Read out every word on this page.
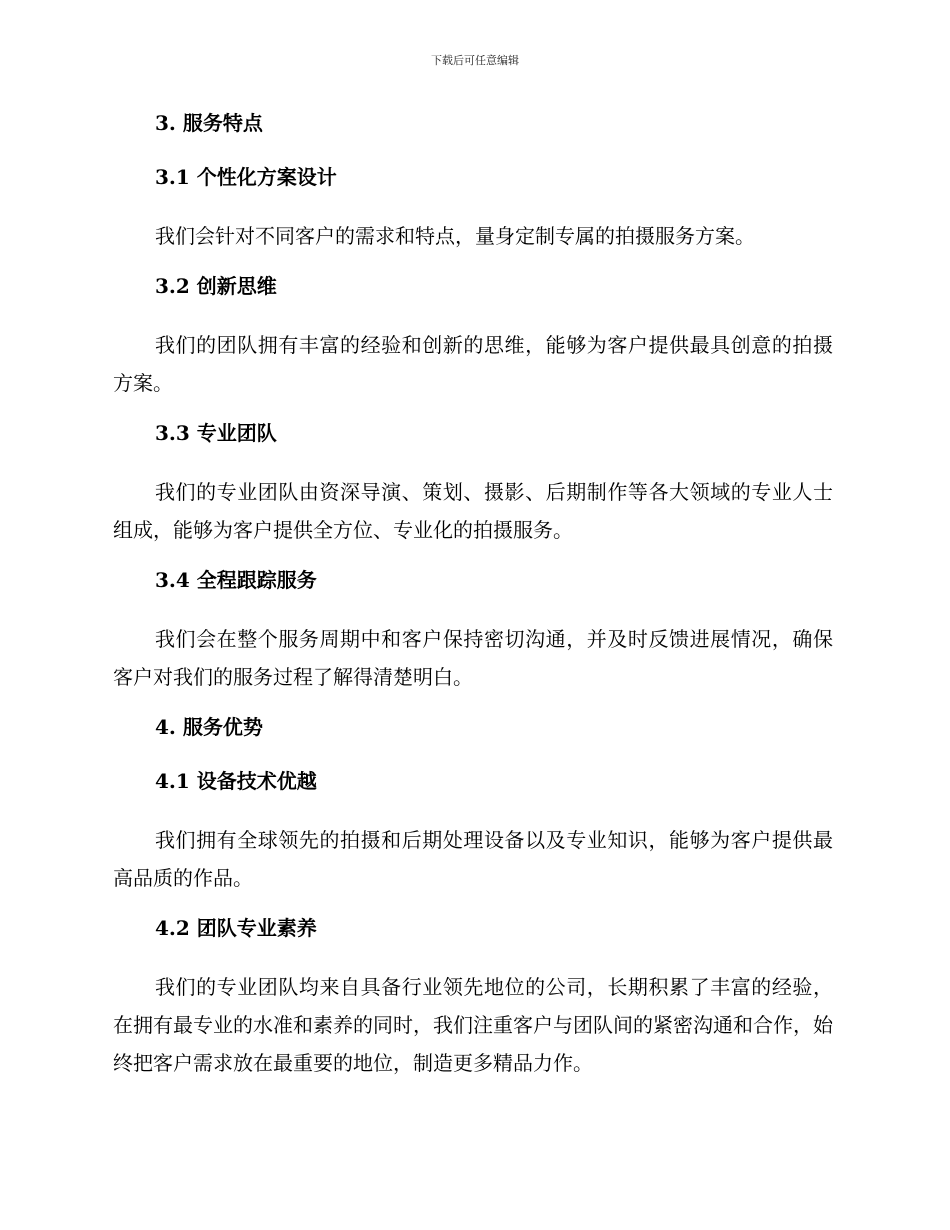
下载后可任意编辑
3. 服务特点
3.1 个性化方案设计

我们会针对不同客户的需求和特点，量身定制专属的拍摄服务方案。

3.2 创新思维

我们的团队拥有丰富的经验和创新的思维，能够为客户提供最具创意的拍摄方案。

3.3 专业团队

我们的专业团队由资深导演、策划、摄影、后期制作等各大领域的专业人士组成，能够为客户提供全方位、专业化的拍摄服务。

3.4 全程跟踪服务

我们会在整个服务周期中和客户保持密切沟通，并及时反馈进展情况，确保客户对我们的服务过程了解得清楚明白。

4. 服务优势
4.1 设备技术优越

我们拥有全球领先的拍摄和后期处理设备以及专业知识，能够为客户提供最高品质的作品。

4.2 团队专业素养

我们的专业团队均来自具备行业领先地位的公司，长期积累了丰富的经验，在拥有最专业的水准和素养的同时，我们注重客户与团队间的紧密沟通和合作，始终把客户需求放在最重要的地位，制造更多精品力作。
